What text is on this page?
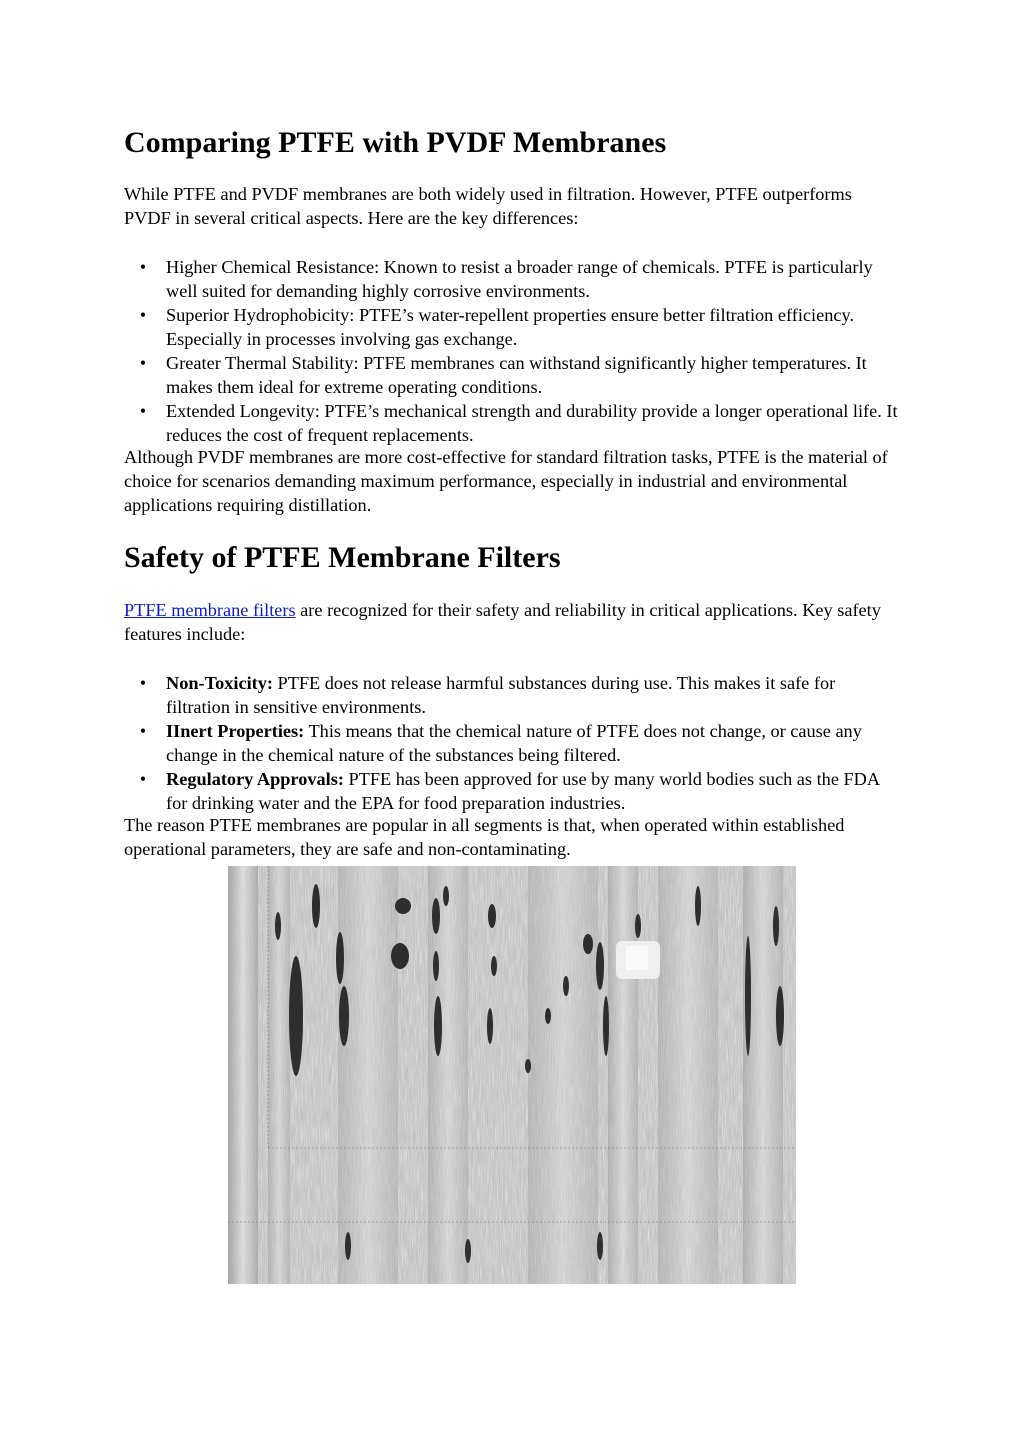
Comparing PTFE with PVDF Membranes

While PTFE and PVDF membranes are both widely used in filtration. However, PTFE outperforms PVDF in several critical aspects. Here are the key differences:

• Higher Chemical Resistance: Known to resist a broader range of chemicals. PTFE is particularly well suited for demanding highly corrosive environments.
• Superior Hydrophobicity: PTFE’s water-repellent properties ensure better filtration efficiency. Especially in processes involving gas exchange.
• Greater Thermal Stability: PTFE membranes can withstand significantly higher temperatures. It makes them ideal for extreme operating conditions.
• Extended Longevity: PTFE’s mechanical strength and durability provide a longer operational life. It reduces the cost of frequent replacements.

Although PVDF membranes are more cost-effective for standard filtration tasks, PTFE is the material of choice for scenarios demanding maximum performance, especially in industrial and environmental applications requiring distillation.

Safety of PTFE Membrane Filters

PTFE membrane filters are recognized for their safety and reliability in critical applications. Key safety features include:

• Non-Toxicity: PTFE does not release harmful substances during use. This makes it safe for filtration in sensitive environments.
• IInert Properties: This means that the chemical nature of PTFE does not change, or cause any change in the chemical nature of the substances being filtered.
• Regulatory Approvals: PTFE has been approved for use by many world bodies such as the FDA for drinking water and the EPA for food preparation industries.

The reason PTFE membranes are popular in all segments is that, when operated within established operational parameters, they are safe and non-contaminating.
